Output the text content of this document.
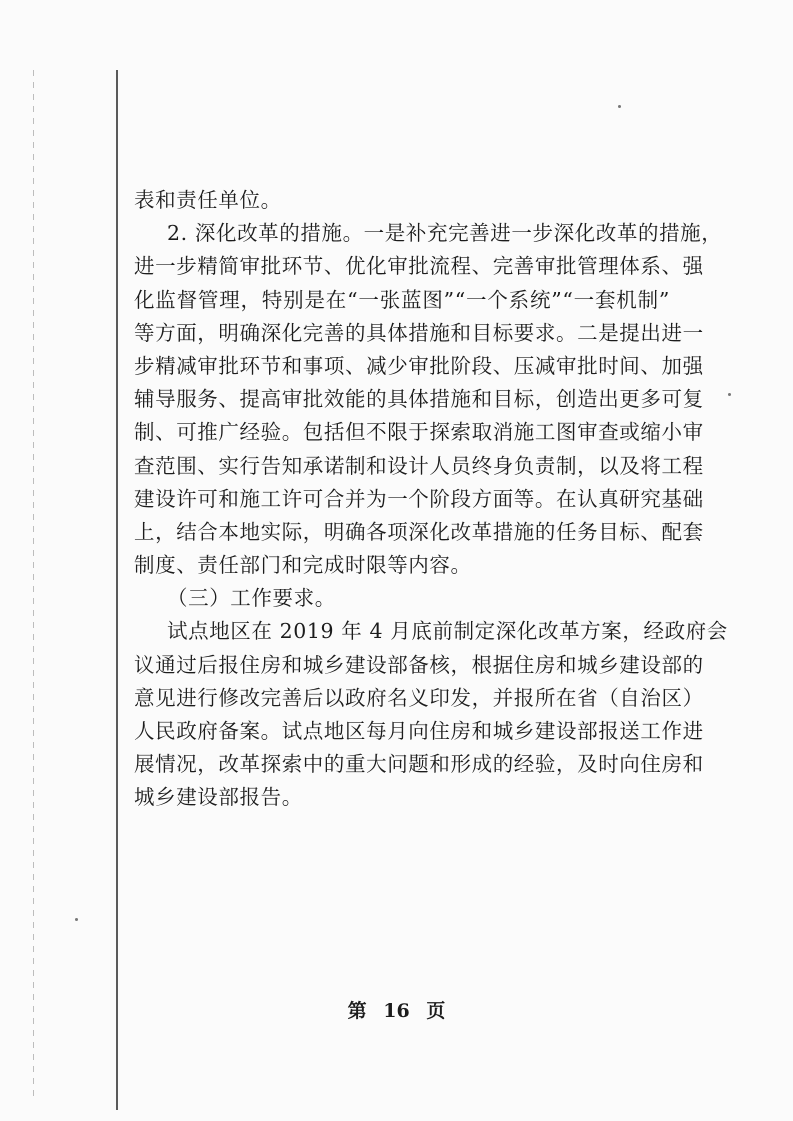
表和责任单位。
2. 深化改革的措施。一是补充完善进一步深化改革的措施，
进一步精简审批环节、优化审批流程、完善审批管理体系、强
化监督管理，特别是在“一张蓝图”“一个系统”“一套机制”
等方面，明确深化完善的具体措施和目标要求。二是提出进一
步精减审批环节和事项、减少审批阶段、压减审批时间、加强
辅导服务、提高审批效能的具体措施和目标，创造出更多可复
制、可推广经验。包括但不限于探索取消施工图审查或缩小审
查范围、实行告知承诺制和设计人员终身负责制，以及将工程
建设许可和施工许可合并为一个阶段方面等。在认真研究基础
上，结合本地实际，明确各项深化改革措施的任务目标、配套
制度、责任部门和完成时限等内容。
（三）工作要求。
试点地区在 2019 年 4 月底前制定深化改革方案，经政府会
议通过后报住房和城乡建设部备核，根据住房和城乡建设部的
意见进行修改完善后以政府名义印发，并报所在省（自治区）
人民政府备案。试点地区每月向住房和城乡建设部报送工作进
展情况，改革探索中的重大问题和形成的经验，及时向住房和
城乡建设部报告。
第 16 页
